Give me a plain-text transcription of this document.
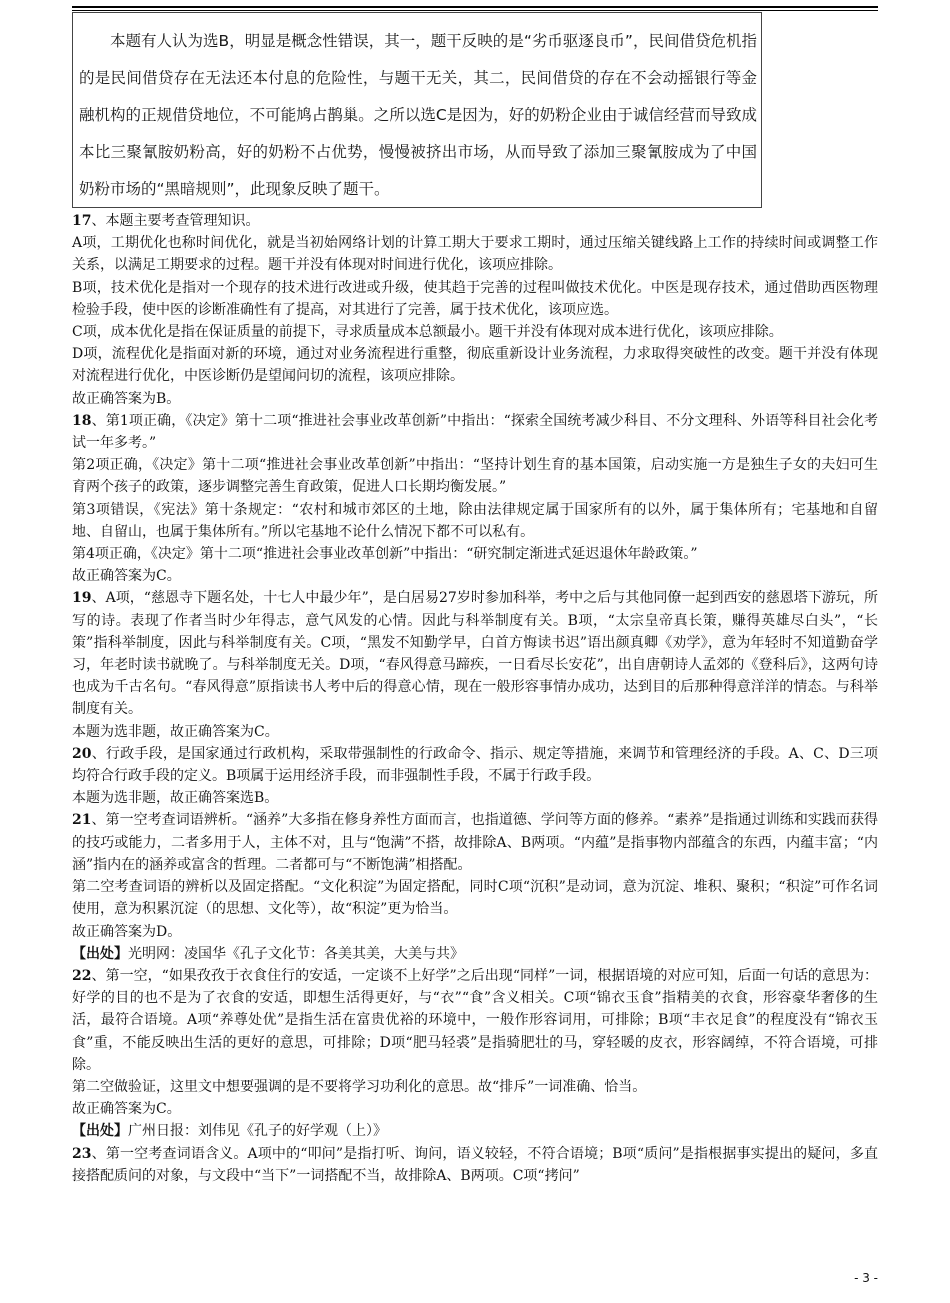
本题有人认为选B，明显是概念性错误，其一，题干反映的是“劣币驱逐良币”，民间借贷危机指的是民间借贷存在无法还本付息的危险性，与题干无关，其二，民间借贷的存在不会动摇银行等金融机构的正规借贷地位，不可能鸠占鹊巢。之所以选C是因为，好的奶粉企业由于诚信经营而导致成本比三聚氰胺奶粉高，好的奶粉不占优势，慢慢被挤出市场，从而导致了添加三聚氰胺成为了中国奶粉市场的“黑暗规则”，此现象反映了题干。

17、本题主要考查管理知识。

A项，工期优化也称时间优化，就是当初始网络计划的计算工期大于要求工期时，通过压缩关键线路上工作的持续时间或调整工作关系，以满足工期要求的过程。题干并没有体现对时间进行优化，该项应排除。

B项，技术优化是指对一个现存的技术进行改进或升级，使其趋于完善的过程叫做技术优化。中医是现存技术，通过借助西医物理检验手段，使中医的诊断准确性有了提高，对其进行了完善，属于技术优化，该项应选。

C项，成本优化是指在保证质量的前提下，寻求质量成本总额最小。题干并没有体现对成本进行优化，该项应排除。

D项，流程优化是指面对新的环境，通过对业务流程进行重整，彻底重新设计业务流程，力求取得突破性的改变。题干并没有体现对流程进行优化，中医诊断仍是望闻问切的流程，该项应排除。

故正确答案为B。

18、第1项正确，《决定》第十二项“推进社会事业改革创新”中指出：“探索全国统考减少科目、不分文理科、外语等科目社会化考试一年多考。”

第2项正确，《决定》第十二项“推进社会事业改革创新”中指出：“坚持计划生育的基本国策，启动实施一方是独生子女的夫妇可生育两个孩子的政策，逐步调整完善生育政策，促进人口长期均衡发展。”

第3项错误，《宪法》第十条规定：“农村和城市郊区的土地，除由法律规定属于国家所有的以外，属于集体所有；宅基地和自留地、自留山，也属于集体所有。”所以宅基地不论什么情况下都不可以私有。

第4项正确，《决定》第十二项“推进社会事业改革创新”中指出：“研究制定渐进式延迟退休年龄政策。”

故正确答案为C。

19、A项，“慈恩寺下题名处，十七人中最少年”，是白居易27岁时参加科举，考中之后与其他同僚一起到西安的慈恩塔下游玩，所写的诗。表现了作者当时少年得志，意气风发的心情。因此与科举制度有关。B项，“太宗皇帝真长策，赚得英雄尽白头”，“长策”指科举制度，因此与科举制度有关。C项，“黑发不知勤学早，白首方悔读书迟”语出颜真卿《劝学》，意为年轻时不知道勤奋学习，年老时读书就晚了。与科举制度无关。D项，“春风得意马蹄疾，一日看尽长安花”，出自唐朝诗人孟郊的《登科后》，这两句诗也成为千古名句。“春风得意”原指读书人考中后的得意心情，现在一般形容事情办成功，达到目的后那种得意洋洋的情态。与科举制度有关。

本题为选非题，故正确答案为C。

20、行政手段，是国家通过行政机构，采取带强制性的行政命令、指示、规定等措施，来调节和管理经济的手段。A、C、D三项均符合行政手段的定义。B项属于运用经济手段，而非强制性手段，不属于行政手段。

本题为选非题，故正确答案选B。

21、第一空考查词语辨析。“涵养”大多指在修身养性方面而言，也指道德、学问等方面的修养。“素养”是指通过训练和实践而获得的技巧或能力，二者多用于人，主体不对，且与“饱满”不搭，故排除A、B两项。“内蕴”是指事物内部蕴含的东西，内蕴丰富；“内涵”指内在的涵养或富含的哲理。二者都可与“不断饱满”相搭配。

第二空考查词语的辨析以及固定搭配。“文化积淀”为固定搭配，同时C项“沉积”是动词，意为沉淀、堆积、聚积；“积淀”可作名词使用，意为积累沉淀（的思想、文化等），故“积淀”更为恰当。

故正确答案为D。

【出处】光明网：凌国华《孔子文化节：各美其美，大美与共》

22、第一空，“如果孜孜于衣食住行的安适，一定谈不上好学”之后出现“同样”一词，根据语境的对应可知，后面一句话的意思为：好学的目的也不是为了衣食的安适，即想生活得更好，与“衣”“食”含义相关。C项“锦衣玉食”指精美的衣食，形容豪华奢侈的生活，最符合语境。A项“养尊处优”是指生活在富贵优裕的环境中，一般作形容词用，可排除；B项“丰衣足食”的程度没有“锦衣玉食”重，不能反映出生活的更好的意思，可排除；D项“肥马轻裘”是指骑肥壮的马，穿轻暖的皮衣，形容阔绰，不符合语境，可排除。

第二空做验证，这里文中想要强调的是不要将学习功利化的意思。故“排斥”一词准确、恰当。

故正确答案为C。

【出处】广州日报：刘伟见《孔子的好学观（上）》

23、第一空考查词语含义。A项中的“叩问”是指打听、询问，语义较轻，不符合语境；B项“质问”是指根据事实提出的疑问，多直接搭配质问的对象，与文段中“当下”一词搭配不当，故排除A、B两项。C项“拷问”

- 3 -
